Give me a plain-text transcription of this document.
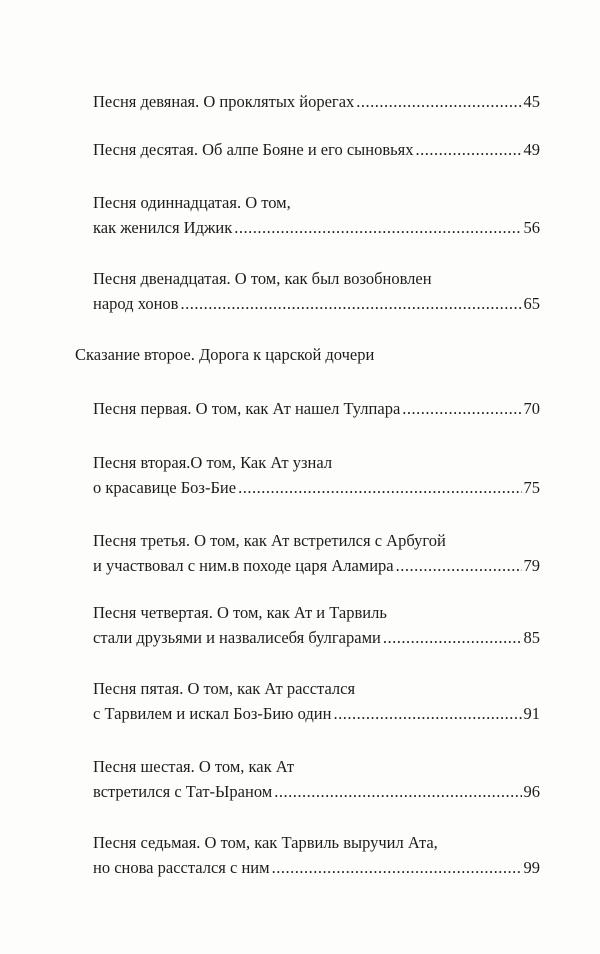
Песня девяная. О проклятых йорегах .....	45
Песня десятая. Об алпе Бояне и его сыновьях .....	49
Песня одиннадцатая. О том,
как женился Иджик .....	56
Песня двенадцатая. О том, как был возобновлен
народ хонов .....	65
Сказание второе. Дорога к царской дочери
Песня первая. О том, как Ат нашел Тулпара .....	70
Песня вторая.О том, Как Ат узнал
о красавице Боз-Бие .....	75
Песня третья. О том, как Ат встретился с Арбугой
и участвовал с ним.в походе царя Аламира .....	79
Песня четвертая. О том, как Ат и Тарвиль
стали друзьями и назвалисебя булгарами .....	85
Песня пятая. О том, как Ат расстался
с Тарвилем и искал Боз-Бию один .....	91
Песня шестая. О том, как Ат
встретился с Тат-Ыраном .....	96
Песня седьмая. О том, как Тарвиль выручил Ата,
но снова расстался с ним .....	99
